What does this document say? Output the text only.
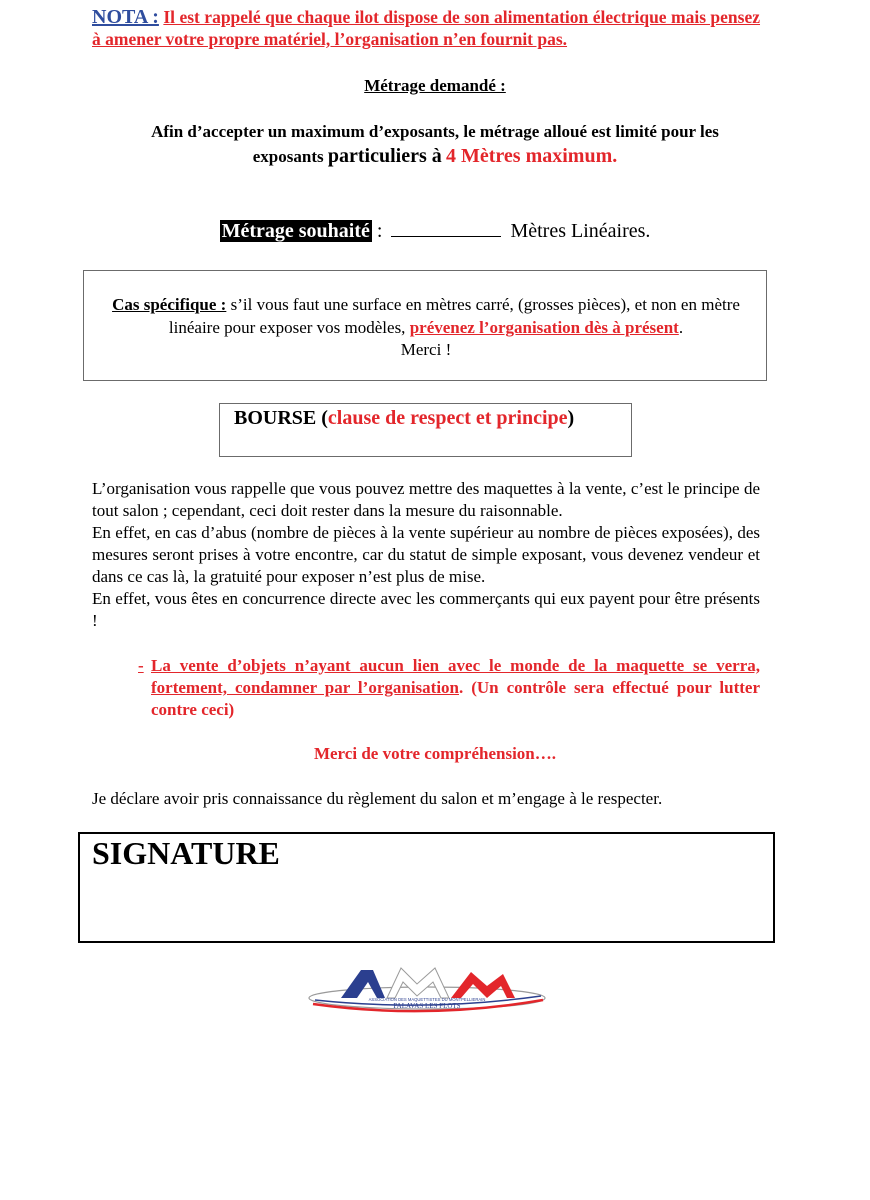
NOTA : Il est rappelé que chaque ilot dispose de son alimentation électrique mais pensez à amener votre propre matériel, l’organisation n’en fournit pas.
Métrage demandé :
Afin d’accepter un maximum d’exposants, le métrage alloué est limité pour les
exposants particuliers à 4 Mètres maximum.
Métrage souhaité :	Mètres Linéaires.
Cas spécifique : s’il vous faut une surface en mètres carré, (grosses pièces), et non en mètre linéaire pour exposer vos modèles, prévenez l’organisation dès à présent.
Merci !
BOURSE (clause de respect et principe)

L’organisation vous rappelle que vous pouvez mettre des maquettes à la vente, c’est le principe de tout salon ; cependant, ceci doit rester dans la mesure du raisonnable.

En effet, en cas d’abus (nombre de pièces à la vente supérieur au nombre de pièces exposées), des mesures seront prises à votre encontre, car du statut de simple exposant, vous devenez vendeur et dans ce cas là, la gratuité pour exposer n’est plus de mise.

En effet, vous êtes en concurrence directe avec les commerçants qui eux payent pour être présents !

- La vente d’objets n’ayant aucun lien avec le monde de la maquette se verra, fortement, condamner par l’organisation. (Un contrôle sera effectué pour lutter contre ceci)
Merci de votre compréhension….
Je déclare avoir pris connaissance du règlement du salon et m’engage à le respecter.
SIGNATURE
ASSOCIATION DES MAQUETTISTES DU MONTPELLIERAIN
PALAVAS LES FLOTS
